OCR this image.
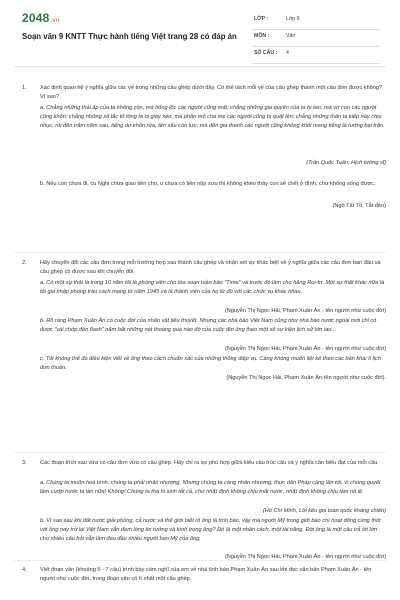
2048.vn
Soạn văn 9 KNTT Thực hành tiếng Việt trang 28 có đáp án
LỚP :	Lớp 9
MÔN :	Văn
SỐ CÂU : 4
1. Xác định quan hệ ý nghĩa giữa các vế trong những câu ghép dưới đây. Có thể tách mỗi vế của câu ghép thành một câu đơn được không? Vì sao?
a. Chẳng những thải ấp của ta không còn, mà bổng lộc các người cũng mất; chẳng những gia quyến của ta bị tan, mà vợ con các người cũng khốn; chẳng những xã tắc tổ tông ta bị giày xéo, mà phần mộ cha mẹ các người cũng bị quật lên; chẳng những thân ta kiếp này chịu nhục, rồi đến trăm năm sau, tiếng dơ khôn rửa, tên xấu còn lưu, mà đến gia thanh các người cũng không khỏi mang tiếng là tướng bại trận.
(Trần Quốc Tuấn, Hịch tướng sĩ)
b. Nếu con chưa đi, cụ Nghị chưa giao tiền cho, u chưa có tiền nộp sưu thì không khéo thầy con sẽ chết ở đình, chứ không sống được.
(Ngô Tất Tố, Tắt đèn)
2. Hãy chuyển đổi các câu đơn trong mỗi trường hợp sau thành câu ghép và nhận xét sự khác biệt về ý nghĩa giữa các câu đơn ban đầu và câu ghép có được sau khi chuyển đổi.
a. Có một sự thật là trong 10 năm tôi là phóng viên cho tòa soạn tuần báo "Time" và trước đó làm cho hãng Roi-tơ. Một sự thật khác nữa là tôi gia nhập phong trào cách mạng từ năm 1945 và là thành viên của họ từ đó với các chức vụ khác nhau.
(Nguyễn Thị Ngọc Hải, Phạm Xuân Ẩn - tên người như cuộc đời)
b. Rõ ràng Phạm Xuân Ẩn có cuộc đời của nhân vật tiểu thuyết. Nhưng các nhà báo Việt Nam cũng như nhà báo nước ngoài mới chỉ có được "vài chớp đèn flash" năm bắt những nét thoáng qua nào đó của cuộc đời ông theo một số sự kiện lịch sử lớn lao...
(Nguyễn Thị Ngọc Hải, Phạm Xuân Ẩn - tên người như cuộc đời)
c. Tôi không thể đủ điều kiện viết về ông theo cách chuẩn xác của những thông điệp vụ. Càng không muốn liệt kê theo các bản khai lí lịch đơn thuần.
(Nguyễn Thị Ngọc Hải, Phạm Xuân Ẩn-tên người như cuộc đời).
3. Các đoạn trích sau vừa có câu đơn vừa có câu ghép. Hãy chỉ ra sự phù hợp giữa kiểu cấu trúc câu và ý nghĩa cần biểu đạt của mỗi câu.
a. Chúng ta muốn hoà bình, chúng ta phải nhân nhượng. Nhưng chúng ta càng nhân nhượng, thực dân Pháp càng lấn tới, vì chúng quyết tâm cướp nước ta lần nữa! Không! Chúng ta thà hi sinh tất cả, chứ nhất định không chịu mất nước, nhất định không chịu làm nô lệ.
(Hồ Chí Minh, Lời kêu gọi toàn quốc kháng chiến)
b. Vì sao sau khi đất nước giải phóng, cả nước và thế giới biết rõ ông là tình báo, vậy mà người Mỹ trong giới báo chí hoạt động cùng thời với ông nay trở lại Việt Nam vẫn đem lòng tin tưởng và kính trọng ông? Đó là một nhân cách, một tài năng. Đời ông là một câu trả lời lớn cho nhiều câu hỏi vẫn làm đau đầu nhiều người bạn Mỹ của ông.
(Nguyễn Thị Ngọc Hải, Phạm Xuân Ẩn - tên người như cuộc đời)
4. Viết đoạn văn (khoảng 5 - 7 câu) trình bày cảm nghĩ của em về nhà tình báo Phạm Xuân Ẩn sau khi đọc văn bản Phạm Xuân Ẩn - tên người như cuộc đời, trong đoạn văn có ít nhất một câu ghép.
